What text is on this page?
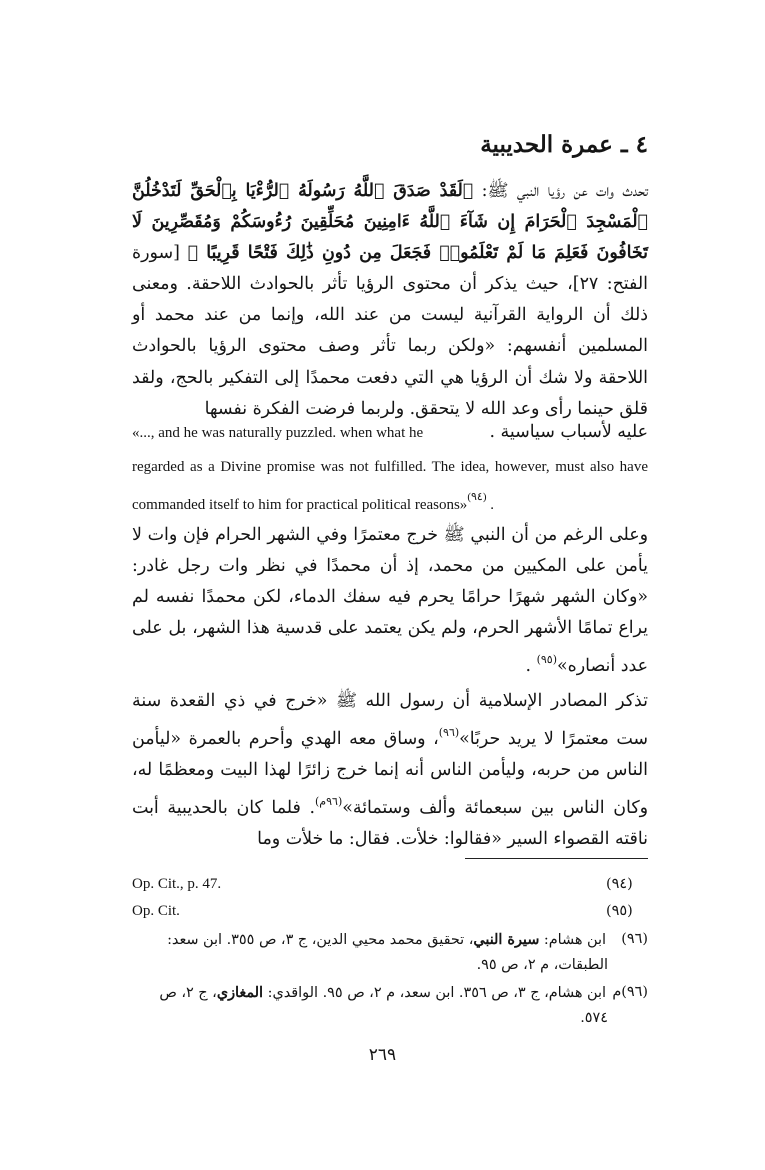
٤ ـ عمرة الحديبية

تحدث وات عن رؤيا النبي ﷺ: ﴿لَقَدْ صَدَقَ ٱللَّهُ رَسُولَهُ ٱلرُّءْيَا بِٱلْحَقِّ لَتَدْخُلُنَّ ٱلْمَسْجِدَ ٱلْحَرَامَ إِن شَآءَ ٱللَّهُ ءَامِنِينَ مُحَلِّقِينَ رُءُوسَكُمْ وَمُقَصِّرِينَ لَا تَخَافُونَ فَعَلِمَ مَا لَمْ تَعْلَمُوا۟ فَجَعَلَ مِن دُونِ ذَٰلِكَ فَتْحًا قَرِيبًا ﴾ [سورة الفتح: ٢٧]، حيث يذكر أن محتوى الرؤيا تأثر بالحوادث اللاحقة. ومعنى ذلك أن الرواية القرآنية ليست من عند الله، وإنما من عند محمد أو المسلمين أنفسهم: «ولكن ربما تأثر وصف محتوى الرؤيا بالحوادث اللاحقة ولا شك أن الرؤيا هي التي دفعت محمدًا إلى التفكير بالحج، ولقد قلق حينما رأى وعد الله لا يتحقق. ولربما فرضت الفكرة نفسها

«..., and he was naturally puzzled. when what he	عليه لأسباب سياسية .
regarded as a Divine promise was not fulfilled. The idea, however, must also have commanded itself to him for practical political reasons»$^{(٩٤)}$ .

وعلى الرغم من أن النبي ﷺ خرج معتمرًا وفي الشهر الحرام فإن وات لا يأمن على المكيين من محمد، إذ أن محمدًا في نظر وات رجل غادر: «وكان الشهر شهرًا حرامًا يحرم فيه سفك الدماء، لكن محمدًا نفسه لم يراع تمامًا الأشهر الحرم، ولم يكن يعتمد على قدسية هذا الشهر، بل على عدد أنصاره»$^{(٩٥)}$ .

تذكر المصادر الإسلامية أن رسول الله ﷺ «خرج في ذي القعدة سنة ست معتمرًا لا يريد حربًا»$^{(٩٦)}$، وساق معه الهدي وأحرم بالعمرة «ليأمن الناس من حربه، وليأمن الناس أنه إنما خرج زائرًا لهذا البيت ومعظمًا له، وكان الناس بين سبعمائة وألف وستمائة»$^{(٩٦م)}$. فلما كان بالحديبية أبت ناقته القصواء السير «فقالوا: خلأت. فقال: ما خلأت وما

Op. Cit., p. 47.	(٩٤)
Op. Cit.	(٩٥)
(٩٦)
ابن هشام: سيرة النبي، تحقيق محمد محيي الدين، ج ٣، ص ٣٥٥. ابن سعد: الطبقات، م ٢، ص ٩٥.
(٩٦)م
ابن هشام، ج ٣، ص ٣٥٦. ابن سعد، م ٢، ص ٩٥. الواقدي: المغازي، ج ٢، ص ٥٧٤.
٢٦٩
